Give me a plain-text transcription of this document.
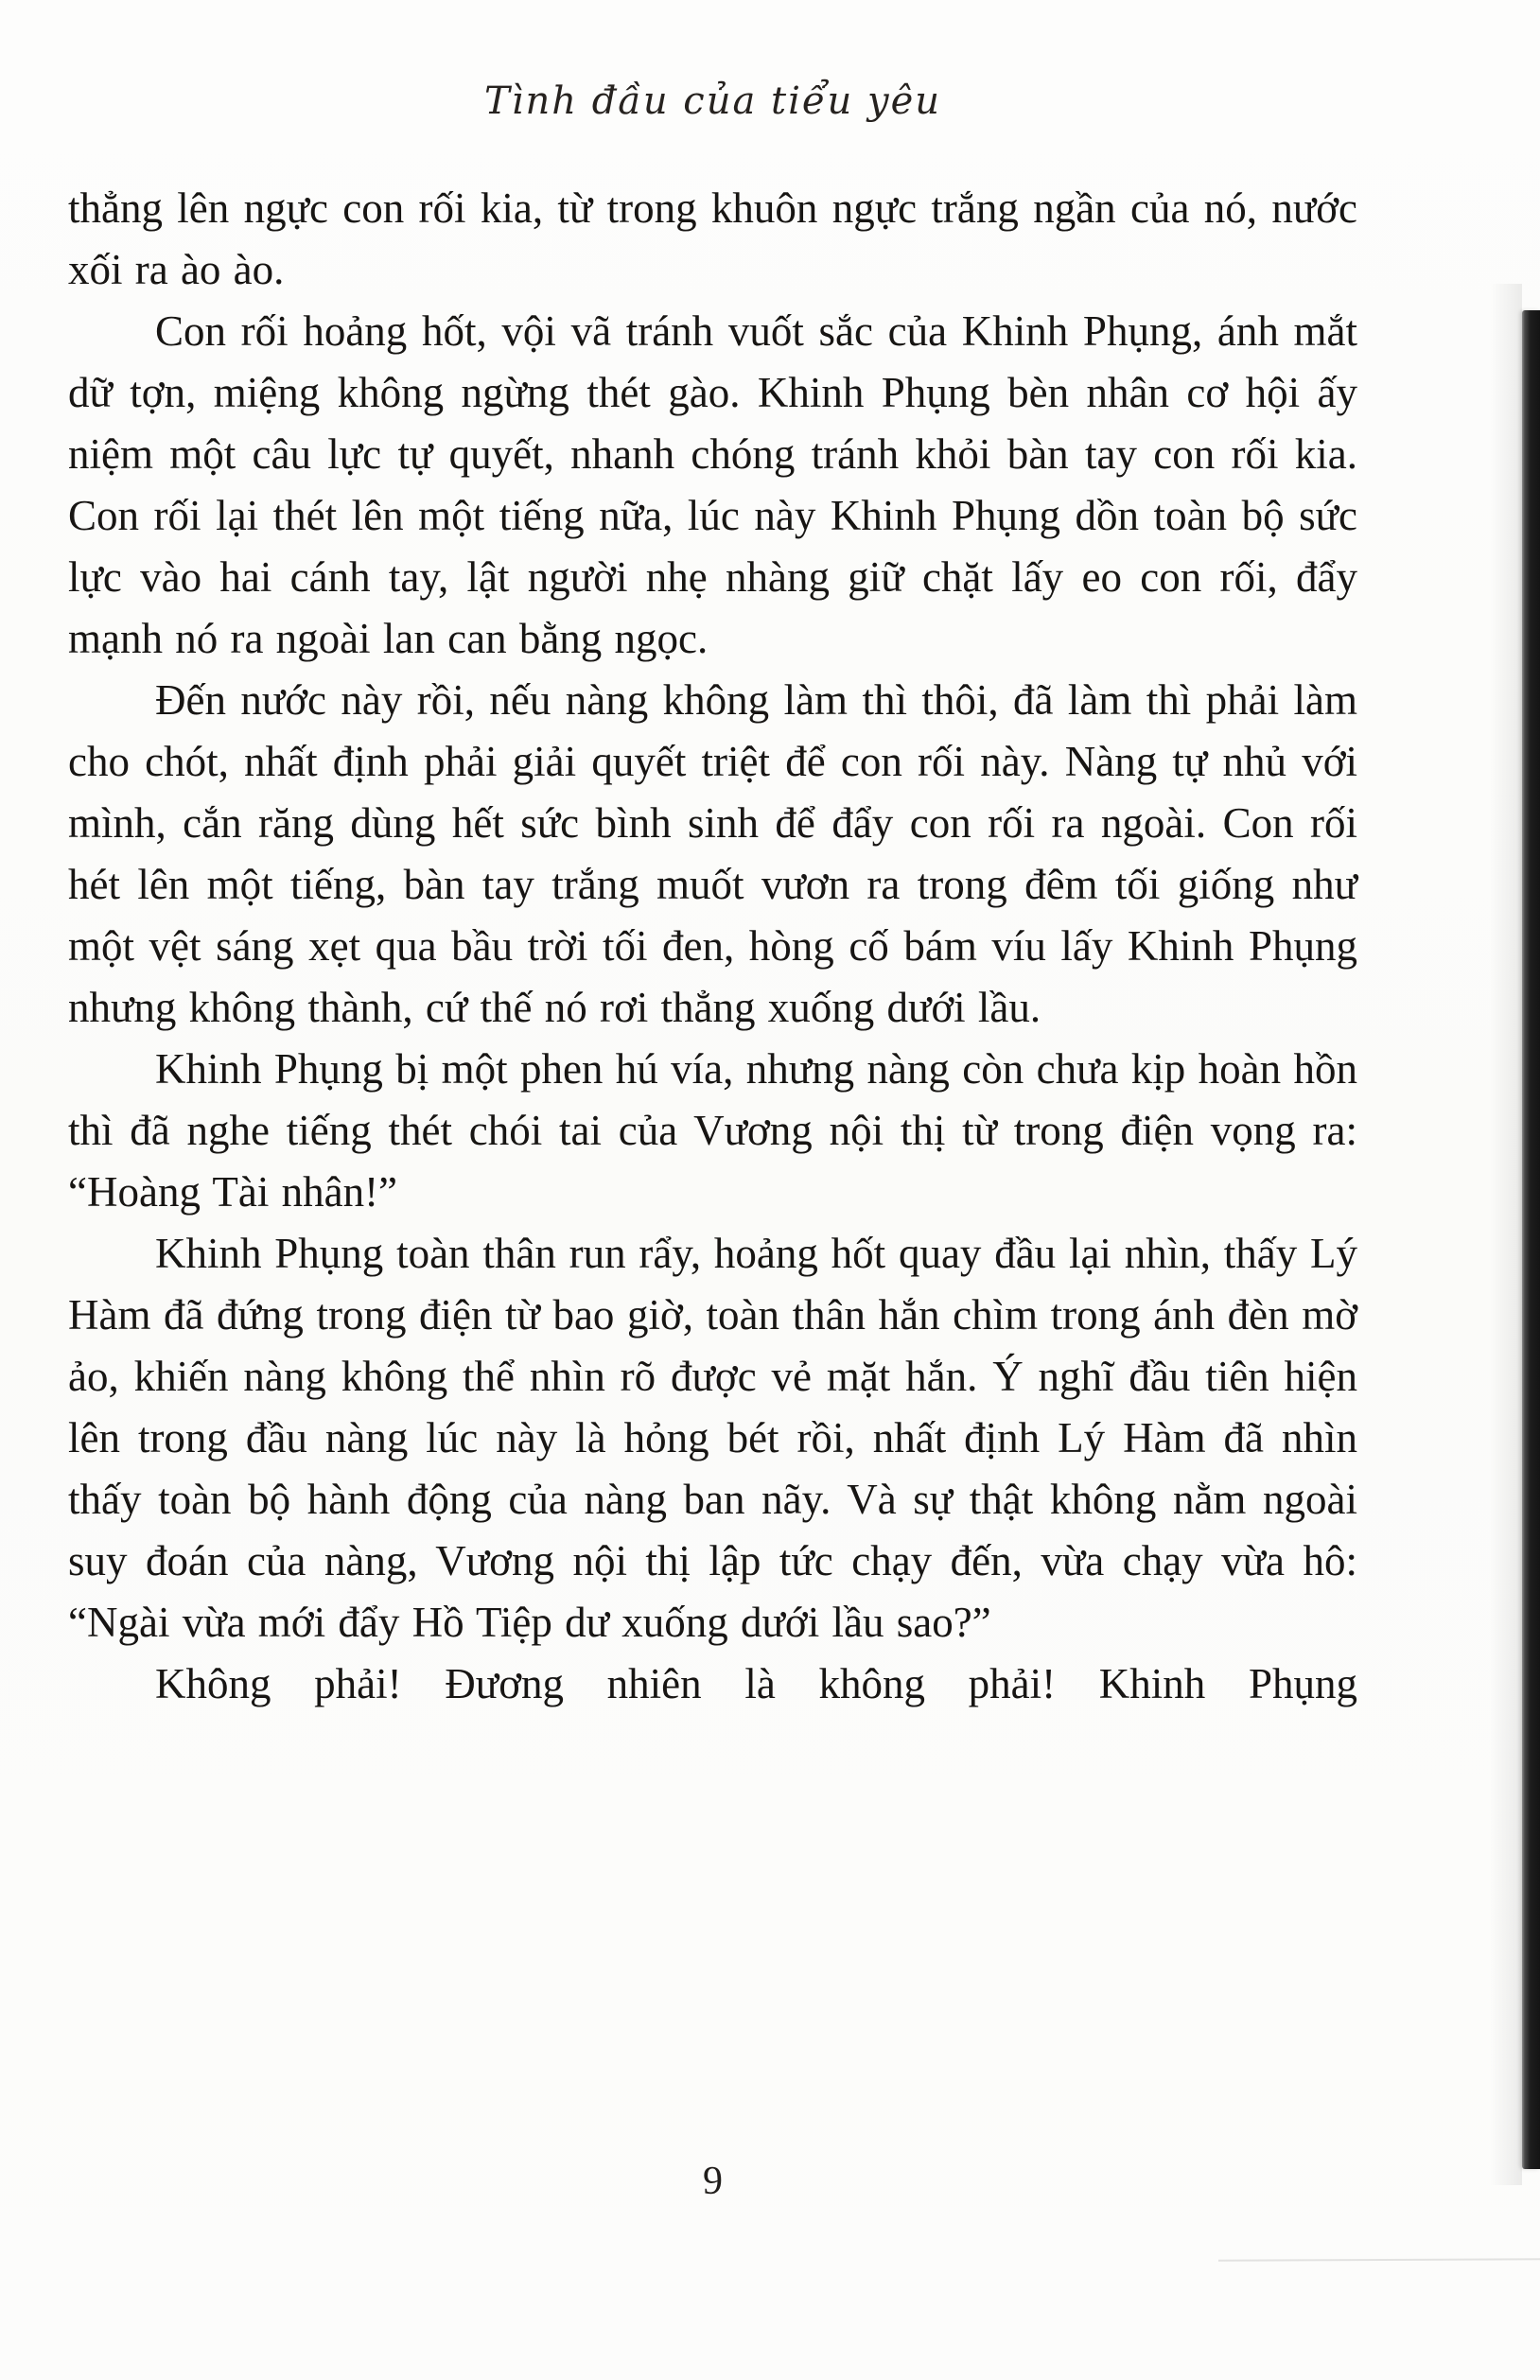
Tình đầu của tiểu yêu

thẳng lên ngực con rối kia, từ trong khuôn ngực trắng ngần của nó, nước xối ra ào ào.

Con rối hoảng hốt, vội vã tránh vuốt sắc của Khinh Phụng, ánh mắt dữ tợn, miệng không ngừng thét gào. Khinh Phụng bèn nhân cơ hội ấy niệm một câu lực tự quyết, nhanh chóng tránh khỏi bàn tay con rối kia. Con rối lại thét lên một tiếng nữa, lúc này Khinh Phụng dồn toàn bộ sức lực vào hai cánh tay, lật người nhẹ nhàng giữ chặt lấy eo con rối, đẩy mạnh nó ra ngoài lan can bằng ngọc.

Đến nước này rồi, nếu nàng không làm thì thôi, đã làm thì phải làm cho chót, nhất định phải giải quyết triệt để con rối này. Nàng tự nhủ với mình, cắn răng dùng hết sức bình sinh để đẩy con rối ra ngoài. Con rối hét lên một tiếng, bàn tay trắng muốt vươn ra trong đêm tối giống như một vệt sáng xẹt qua bầu trời tối đen, hòng cố bám víu lấy Khinh Phụng nhưng không thành, cứ thế nó rơi thẳng xuống dưới lầu.

Khinh Phụng bị một phen hú vía, nhưng nàng còn chưa kịp hoàn hồn thì đã nghe tiếng thét chói tai của Vương nội thị từ trong điện vọng ra: “Hoàng Tài nhân!”

Khinh Phụng toàn thân run rẩy, hoảng hốt quay đầu lại nhìn, thấy Lý Hàm đã đứng trong điện từ bao giờ, toàn thân hắn chìm trong ánh đèn mờ ảo, khiến nàng không thể nhìn rõ được vẻ mặt hắn. Ý nghĩ đầu tiên hiện lên trong đầu nàng lúc này là hỏng bét rồi, nhất định Lý Hàm đã nhìn thấy toàn bộ hành động của nàng ban nãy. Và sự thật không nằm ngoài suy đoán của nàng, Vương nội thị lập tức chạy đến, vừa chạy vừa hô: “Ngài vừa mới đẩy Hồ Tiệp dư xuống dưới lầu sao?”

Không phải! Đương nhiên là không phải! Khinh Phụng

9
